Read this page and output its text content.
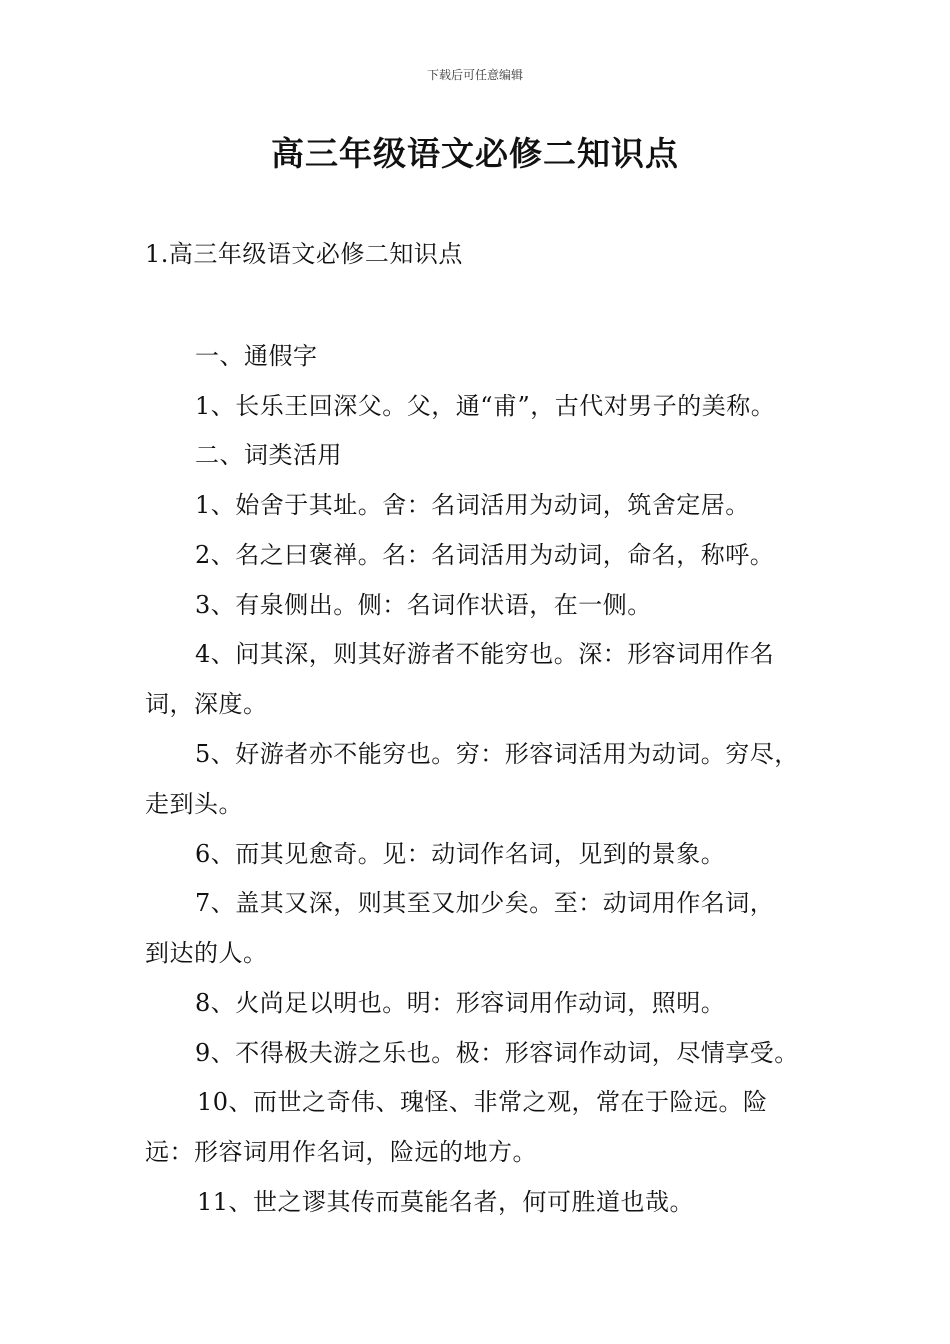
下载后可任意编辑
高三年级语文必修二知识点
1.高三年级语文必修二知识点
一、通假字
1、长乐王回深父。父，通“甫”，古代对男子的美称。
二、词类活用
1、始舍于其址。舍：名词活用为动词，筑舍定居。
2、名之曰褒禅。名：名词活用为动词，命名，称呼。
3、有泉侧出。侧：名词作状语，在一侧。
4、问其深，则其好游者不能穷也。深：形容词用作名
词，深度。
5、好游者亦不能穷也。穷：形容词活用为动词。穷尽，
走到头。
6、而其见愈奇。见：动词作名词，见到的景象。
7、盖其又深，则其至又加少矣。至：动词用作名词，
到达的人。
8、火尚足以明也。明：形容词用作动词，照明。
9、不得极夫游之乐也。极：形容词作动词，尽情享受。
10、而世之奇伟、瑰怪、非常之观，常在于险远。险
远：形容词用作名词，险远的地方。
11、世之谬其传而莫能名者，何可胜道也哉。
